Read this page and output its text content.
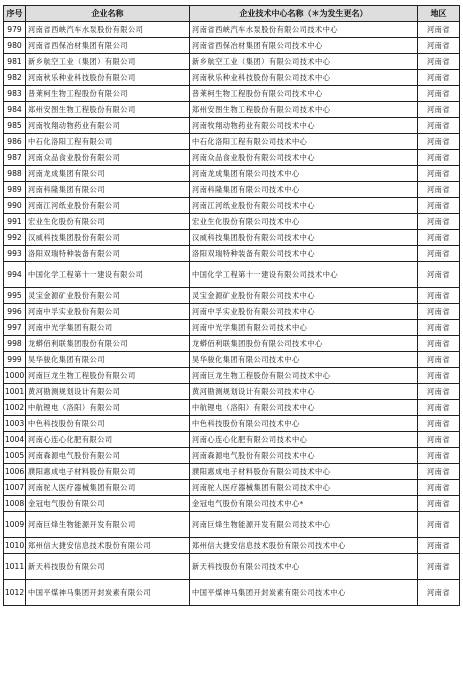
序号	企业名称	企业技术中心名称（＊为发生更名）	地区
979	河南省西峡汽车水泵股份有限公司	河南省西峡汽车水泵股份有限公司技术中心	河南省
980	河南省西保冶材集团有限公司	河南省西保冶材集团有限公司技术中心	河南省
981	新乡航空工业（集团）有限公司	新乡航空工业（集团）有限公司技术中心	河南省
982	河南秋乐种业科技股份有限公司	河南秋乐种业科技股份有限公司技术中心	河南省
983	普莱柯生物工程股份有限公司	普莱柯生物工程股份有限公司技术中心	河南省
984	郑州安图生物工程股份有限公司	郑州安图生物工程股份有限公司技术中心	河南省
985	河南牧翔动物药业有限公司	河南牧翔动物药业有限公司技术中心	河南省
986	中石化洛阳工程有限公司	中石化洛阳工程有限公司技术中心	河南省
987	河南众品食业股份有限公司	河南众品食业股份有限公司技术中心	河南省
988	河南龙成集团有限公司	河南龙成集团有限公司技术中心	河南省
989	河南科隆集团有限公司	河南科隆集团有限公司技术中心	河南省
990	河南江河纸业股份有限公司	河南江河纸业股份有限公司技术中心	河南省
991	宏业生化股份有限公司	宏业生化股份有限公司技术中心	河南省
992	汉威科技集团股份有限公司	汉威科技集团股份有限公司技术中心	河南省
993	洛阳双瑞特种装备有限公司	洛阳双瑞特种装备有限公司技术中心	河南省
994	中国化学工程第十一建设有限公司	中国化学工程第十一建设有限公司技术中心	河南省
995	灵宝金源矿业股份有限公司	灵宝金源矿业股份有限公司技术中心	河南省
996	河南中孚实业股份有限公司	河南中孚实业股份有限公司技术中心	河南省
997	河南中光学集团有限公司	河南中光学集团有限公司技术中心	河南省
998	龙蟒佰利联集团股份有限公司	龙蟒佰利联集团股份有限公司技术中心	河南省
999	昊华骏化集团有限公司	昊华骏化集团有限公司技术中心	河南省
1000	河南巨龙生物工程股份有限公司	河南巨龙生物工程股份有限公司技术中心	河南省
1001	黄河勘测规划设计有限公司	黄河勘测规划设计有限公司技术中心	河南省
1002	中航锂电（洛阳）有限公司	中航锂电（洛阳）有限公司技术中心	河南省
1003	中色科技股份有限公司	中色科技股份有限公司技术中心	河南省
1004	河南心连心化肥有限公司	河南心连心化肥有限公司技术中心	河南省
1005	河南森源电气股份有限公司	河南森源电气股份有限公司技术中心	河南省
1006	濮阳惠成电子材料股份有限公司	濮阳惠成电子材料股份有限公司技术中心	河南省
1007	河南驼人医疗器械集团有限公司	河南驼人医疗器械集团有限公司技术中心	河南省
1008	金冠电气股份有限公司	金冠电气股份有限公司技术中心*	河南省
1009	河南巨烽生物能源开发有限公司	河南巨烽生物能源开发有限公司技术中心	河南省
1010	郑州信大捷安信息技术股份有限公司	郑州信大捷安信息技术股份有限公司技术中心	河南省
1011	新天科技股份有限公司	新天科技股份有限公司技术中心	河南省
1012	中国平煤神马集团开封炭素有限公司	中国平煤神马集团开封炭素有限公司技术中心	河南省
